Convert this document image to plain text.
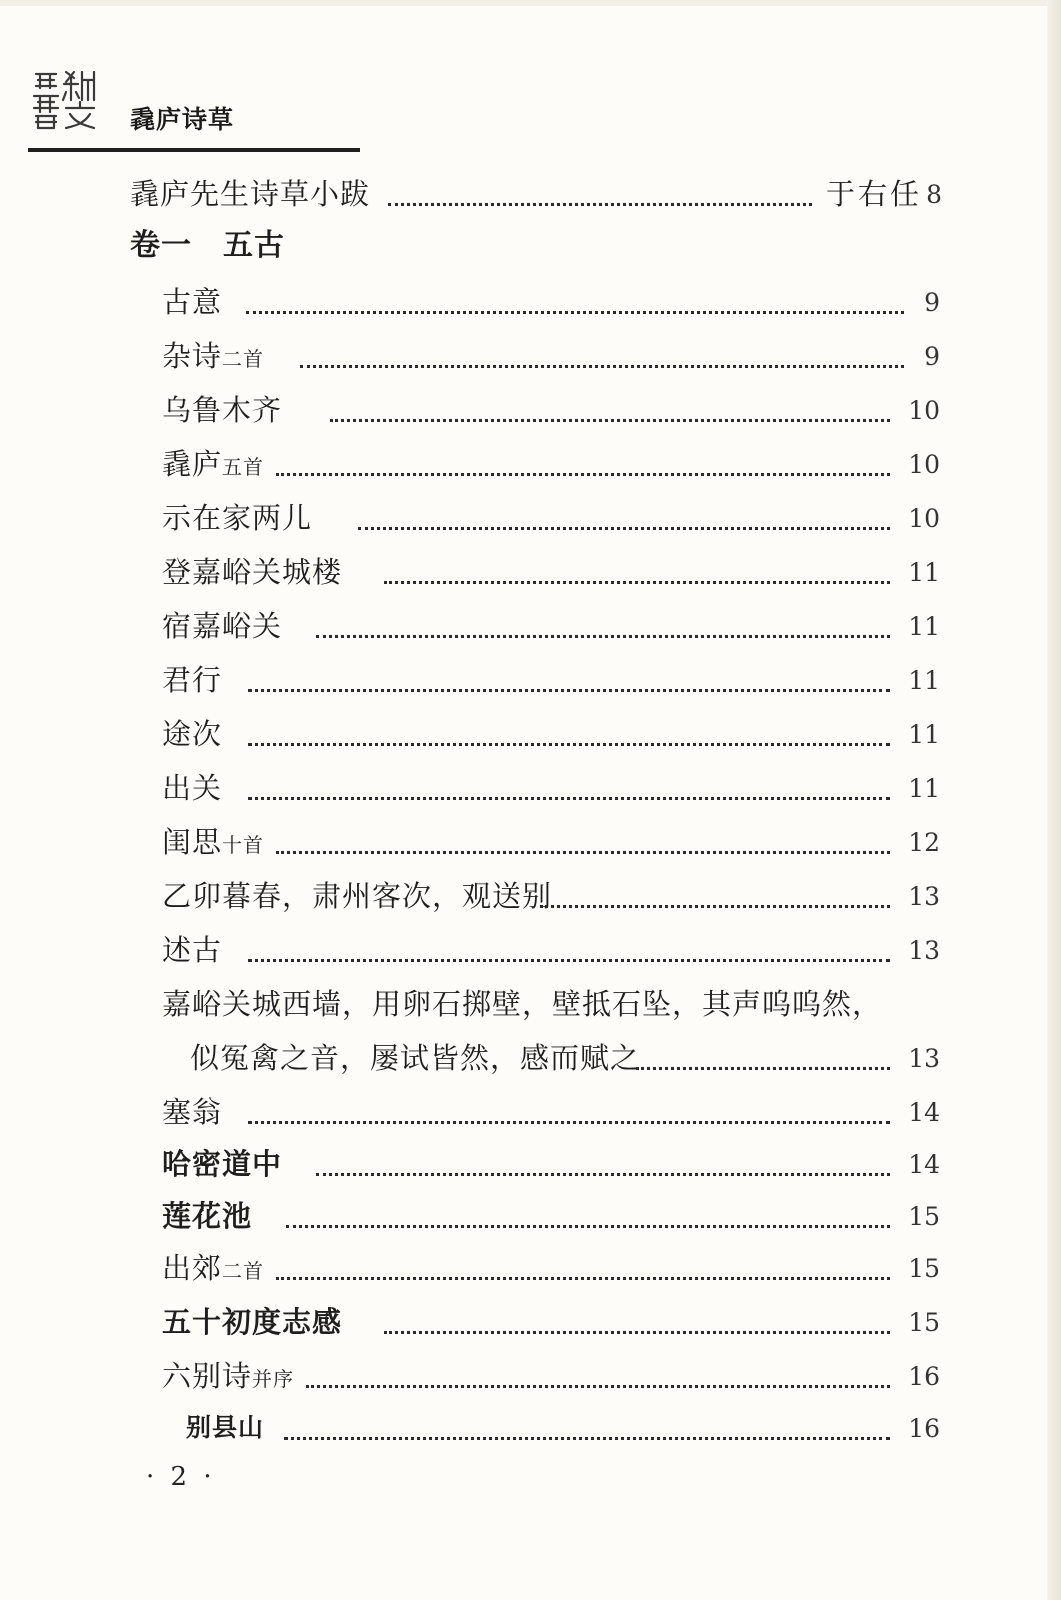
毳庐诗草
毳庐先生诗草小跋	于右任 8
卷一　五古
古意	9
杂诗二首	9
乌鲁木齐	10
毳庐五首	10
示在家两儿	10
登嘉峪关城楼	11
宿嘉峪关	11
君行	11
途次	11
出关	11
闺思十首	12
乙卯暮春，肃州客次，观送别	13
述古	13
嘉峪关城西墙，用卵石掷壁，壁抵石坠，其声呜呜然，
似冤禽之音，屡试皆然，感而赋之	13
塞翁	14
哈密道中	14
莲花池	15
出郊二首	15
五十初度志感	15
六别诗并序	16
别县山	16
· 2 ·
